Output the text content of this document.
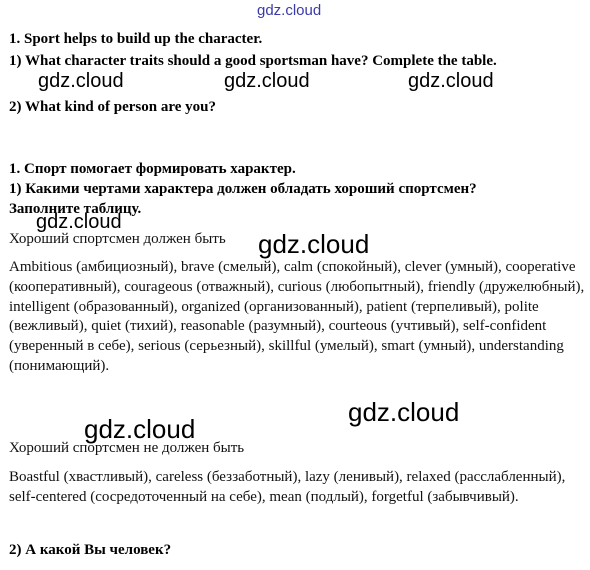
gdz.cloud
1. Sport helps to build up the character.
1) What character traits should a good sportsman have? Complete the table.
gdz.cloud	gdz.cloud	gdz.cloud
2) What kind of person are you?
1. Спорт помогает формировать характер.
1) Какими чертами характера должен обладать хороший спортсмен?
Заполните таблицу.
gdz.cloud
Хороший спортсмен должен быть gdz.cloud
Ambitious (амбициозный), brave (смелый), calm (спокойный), clever (умный), cooperative (кооперативный), courageous (отважный), curious (любопытный), friendly (дружелюбный), intelligent (образованный), organized (организованный), patient (терпеливый), polite (вежливый), quiet (тихий), reasonable (разумный), courteous (учтивый), self-confident (уверенный в себе), serious (серьезный), skillful (умелый), smart (умный), understanding (понимающий).
gdz.cloud
gdz.cloud
Хороший спортсмен не должен быть
Boastful (хвастливый), careless (беззаботный), lazy (ленивый), relaxed (расслабленный), self-centered (сосредоточенный на себе), mean (подлый), forgetful (забывчивый).
2) А какой Вы человек?
